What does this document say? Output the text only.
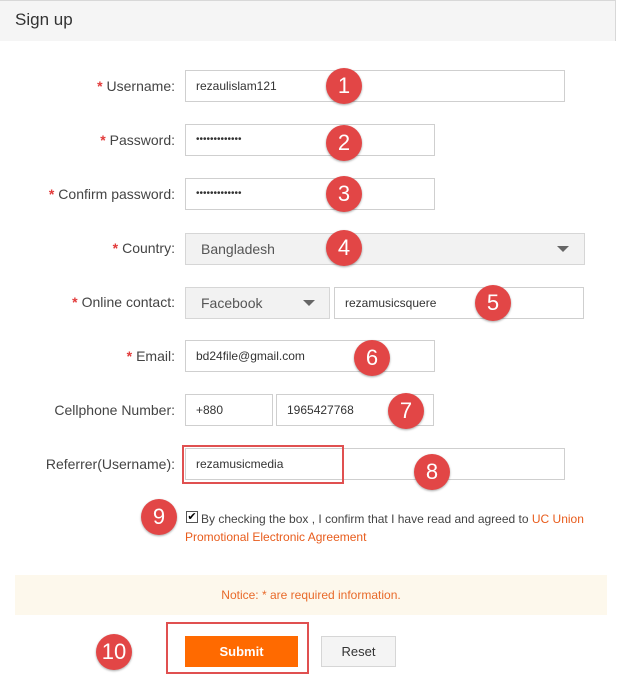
Sign up
* Username:	rezaulislam121
* Password:	•••••••••••••
* Confirm password:	•••••••••••••
* Country:	Bangladesh
* Online contact:	Facebook	rezamusicsquere
* Email:	bd24file@gmail.com
Cellphone Number:	+880	1965427768
Referrer(Username):	rezamusicmedia
✔ By checking the box , I confirm that I have read and agreed to UC Union
Promotional Electronic Agreement
Notice: * are required information.
Submit	Reset
1
2
3
4
5
6
7
8
9
10
